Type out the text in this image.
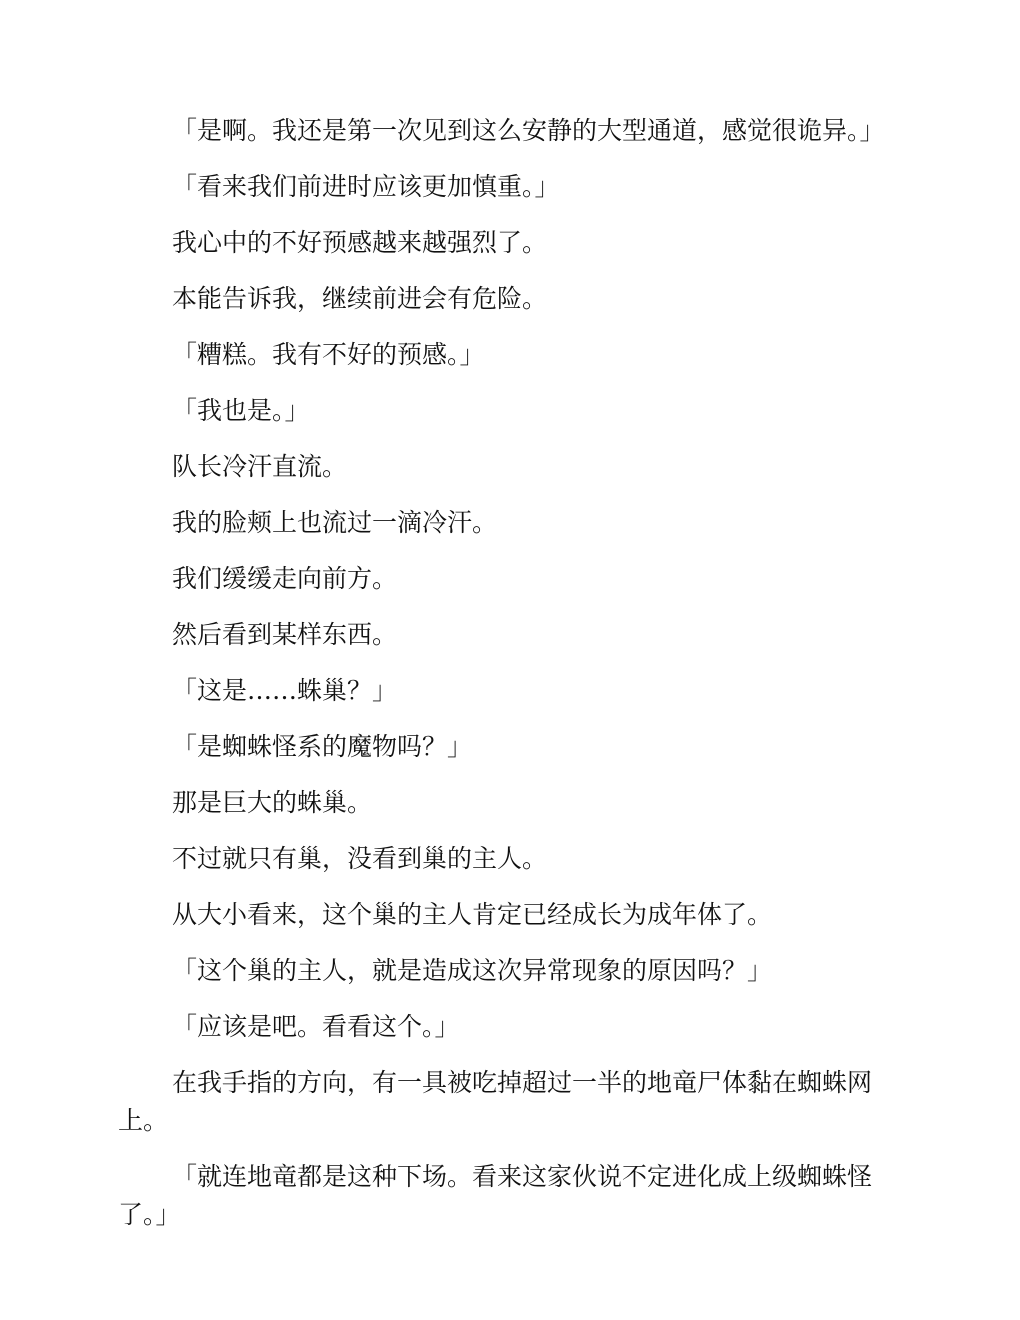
「是啊。我还是第一次见到这么安静的大型通道，感觉很诡异。」

「看来我们前进时应该更加慎重。」

我心中的不好预感越来越强烈了。

本能告诉我，继续前进会有危险。

「糟糕。我有不好的预感。」

「我也是。」

队长冷汗直流。

我的脸颊上也流过一滴冷汗。

我们缓缓走向前方。

然后看到某样东西。

「这是……蛛巢？」

「是蜘蛛怪系的魔物吗？」

那是巨大的蛛巢。

不过就只有巢，没看到巢的主人。

从大小看来，这个巢的主人肯定已经成长为成年体了。

「这个巢的主人，就是造成这次异常现象的原因吗？」

「应该是吧。看看这个。」

在我手指的方向，有一具被吃掉超过一半的地竜尸体黏在蜘蛛网上。

「就连地竜都是这种下场。看来这家伙说不定进化成上级蜘蛛怪了。」
